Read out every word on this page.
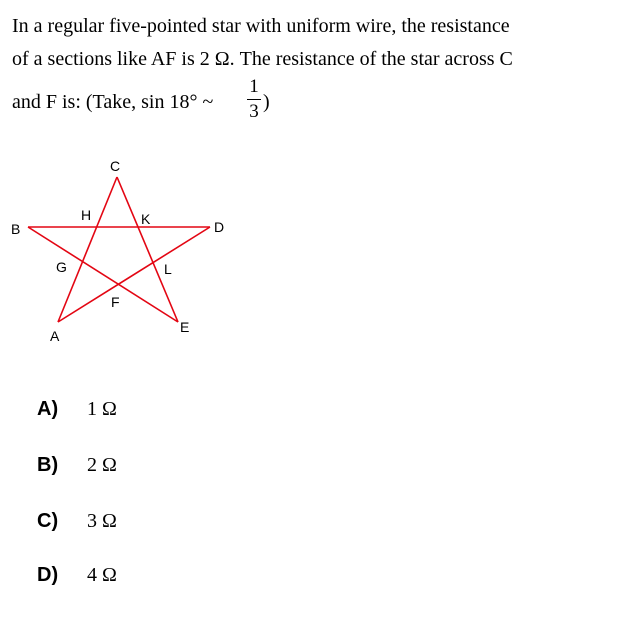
In a regular five-pointed star with uniform wire, the resistance
of a sections like AF is 2 Ω. The resistance of the star across C
and F is: (Take, sin 18° ~
1
3 )
C
B	D
H	K
G	L
F
A
E
A) 1 Ω
B) 2 Ω
C) 3 Ω
D) 4 Ω
